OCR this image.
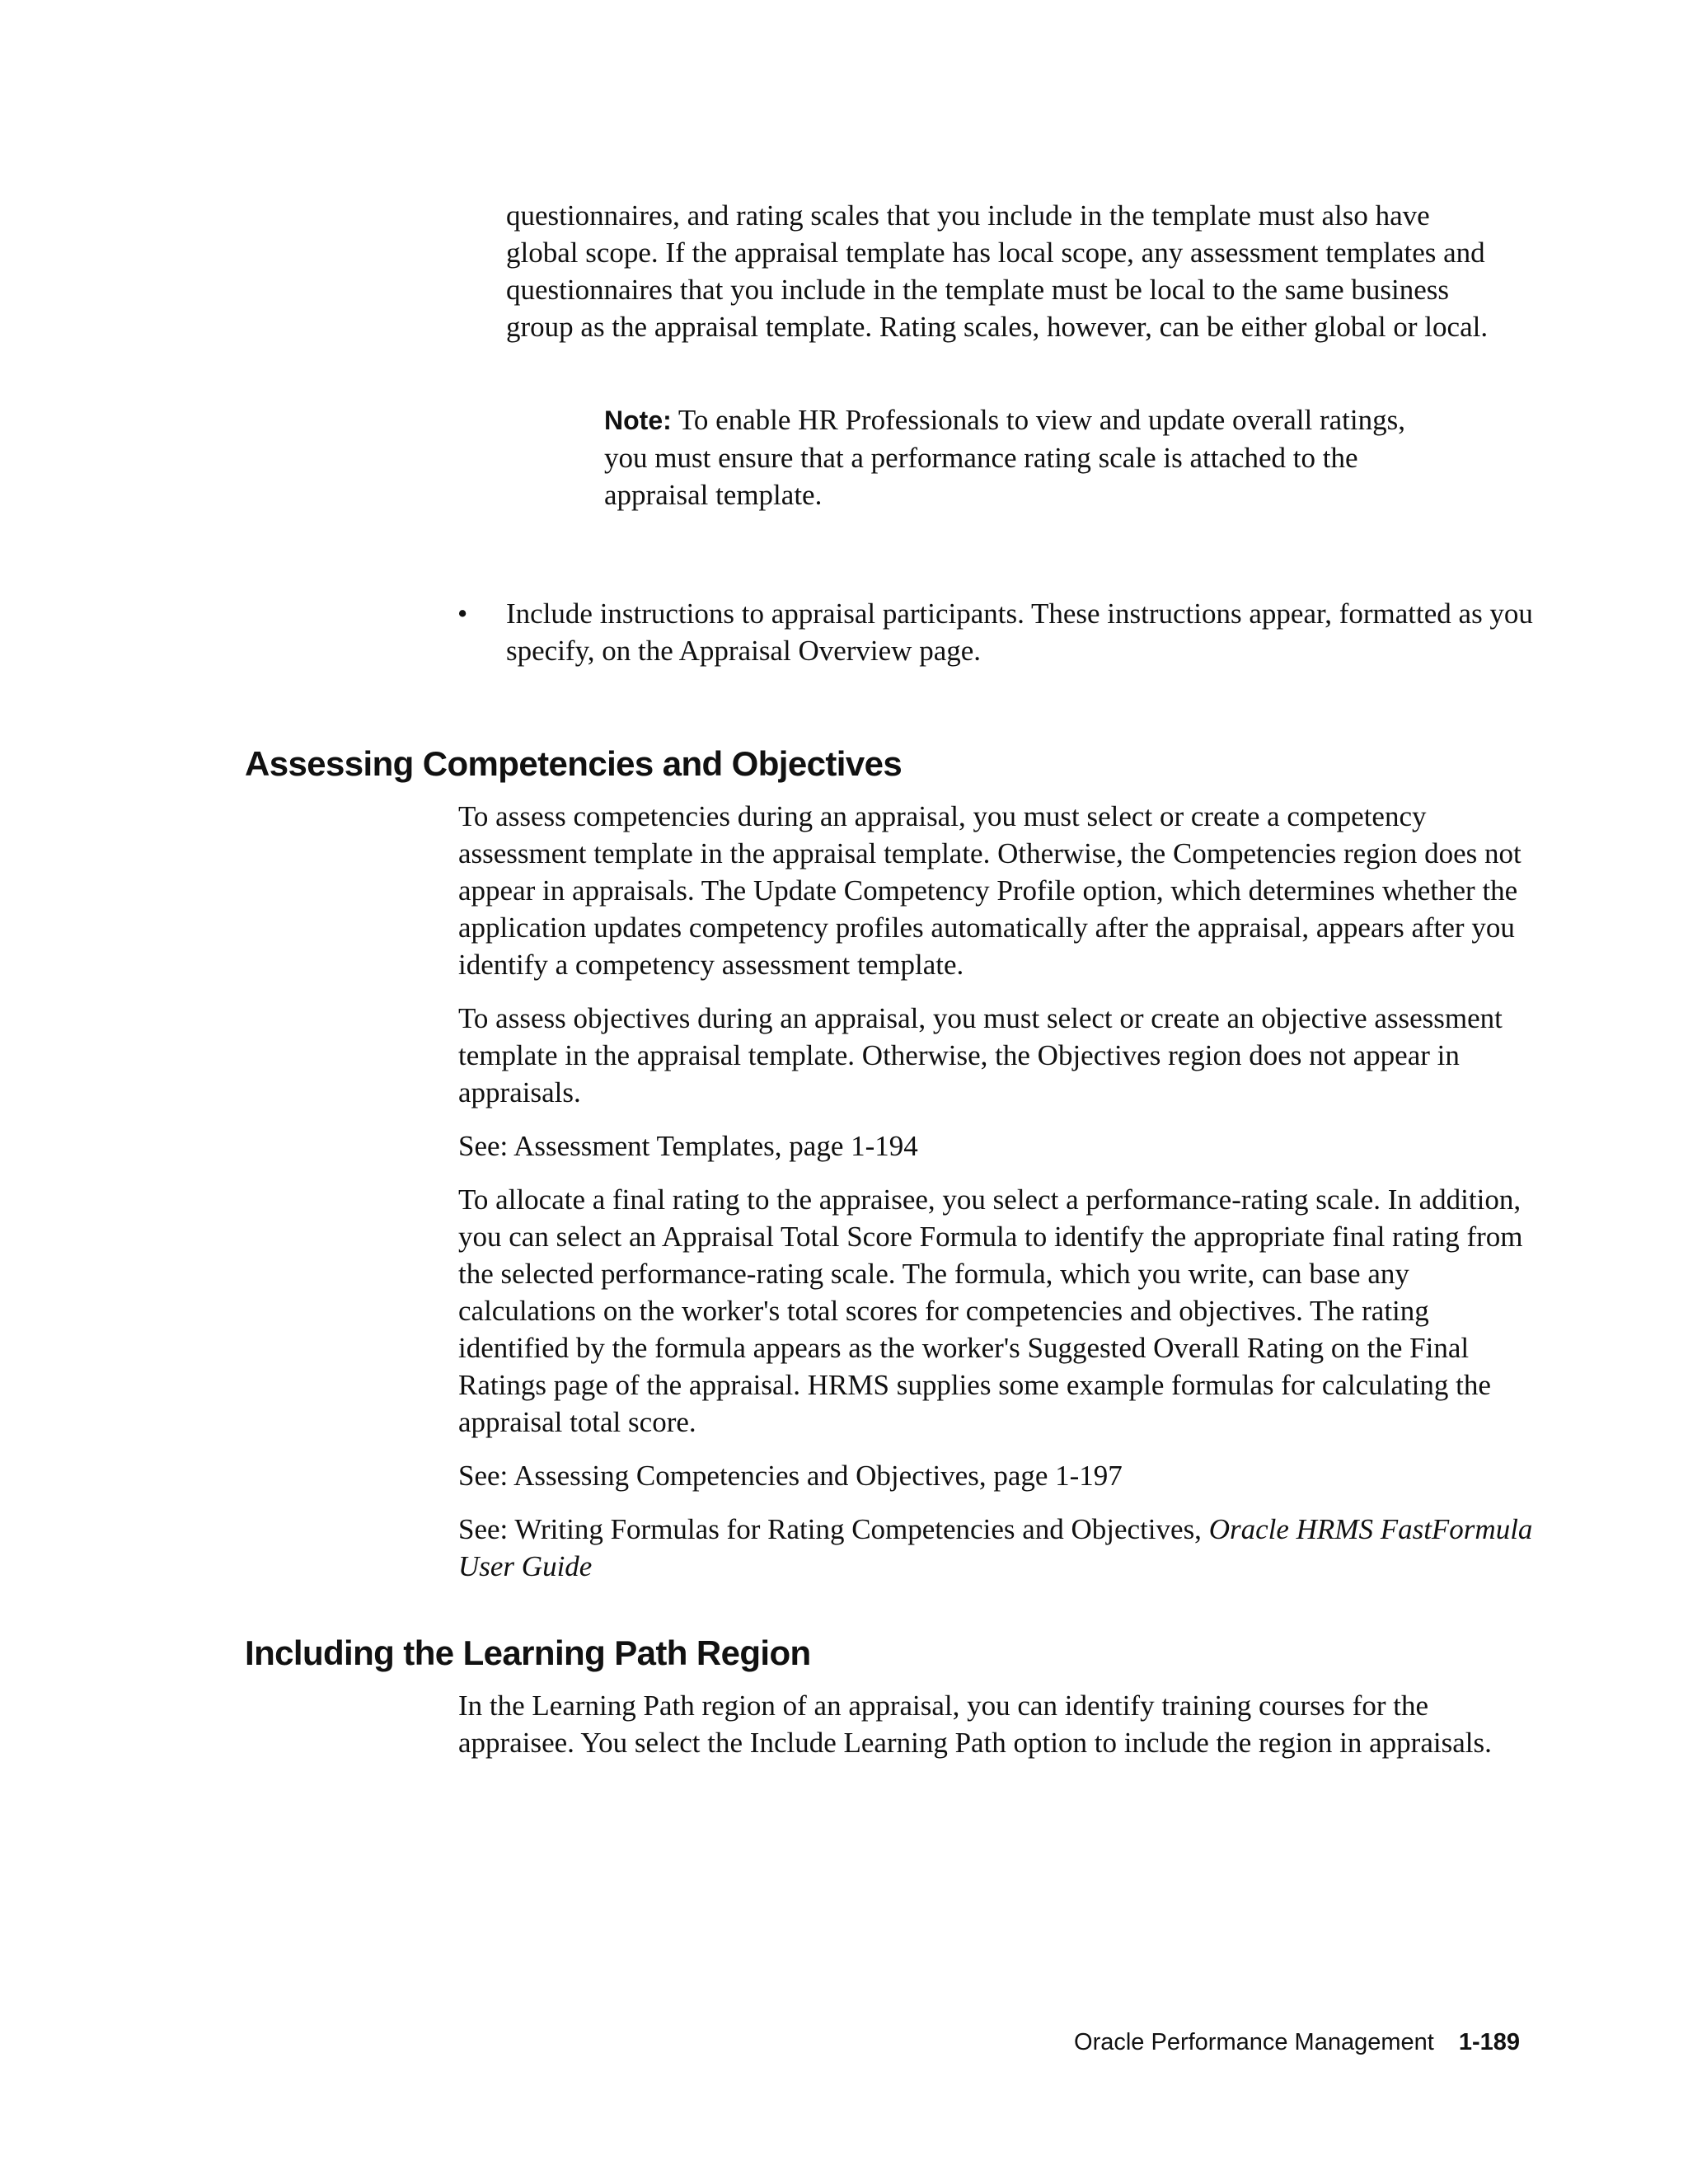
questionnaires, and rating scales that you include in the template must also have global scope. If the appraisal template has local scope, any assessment templates and questionnaires that you include in the template must be local to the same business group as the appraisal template. Rating scales, however, can be either global or local.

Note: To enable HR Professionals to view and update overall ratings, you must ensure that a performance rating scale is attached to the appraisal template.
• Include instructions to appraisal participants. These instructions appear, formatted as you specify, on the Appraisal Overview page.

Assessing Competencies and Objectives

To assess competencies during an appraisal, you must select or create a competency assessment template in the appraisal template. Otherwise, the Competencies region does not appear in appraisals. The Update Competency Profile option, which determines whether the application updates competency profiles automatically after the appraisal, appears after you identify a competency assessment template.

To assess objectives during an appraisal, you must select or create an objective assessment template in the appraisal template. Otherwise, the Objectives region does not appear in appraisals.

See: Assessment Templates, page 1-194

To allocate a final rating to the appraisee, you select a performance-rating scale. In addition, you can select an Appraisal Total Score Formula to identify the appropriate final rating from the selected performance-rating scale. The formula, which you write, can base any calculations on the worker's total scores for competencies and objectives. The rating identified by the formula appears as the worker's Suggested Overall Rating on the Final Ratings page of the appraisal. HRMS supplies some example formulas for calculating the appraisal total score.

See: Assessing Competencies and Objectives, page 1-197

See: Writing Formulas for Rating Competencies and Objectives, Oracle HRMS FastFormula User Guide

Including the Learning Path Region

In the Learning Path region of an appraisal, you can identify training courses for the appraisee. You select the Include Learning Path option to include the region in appraisals.

Oracle Performance Management 1-189
